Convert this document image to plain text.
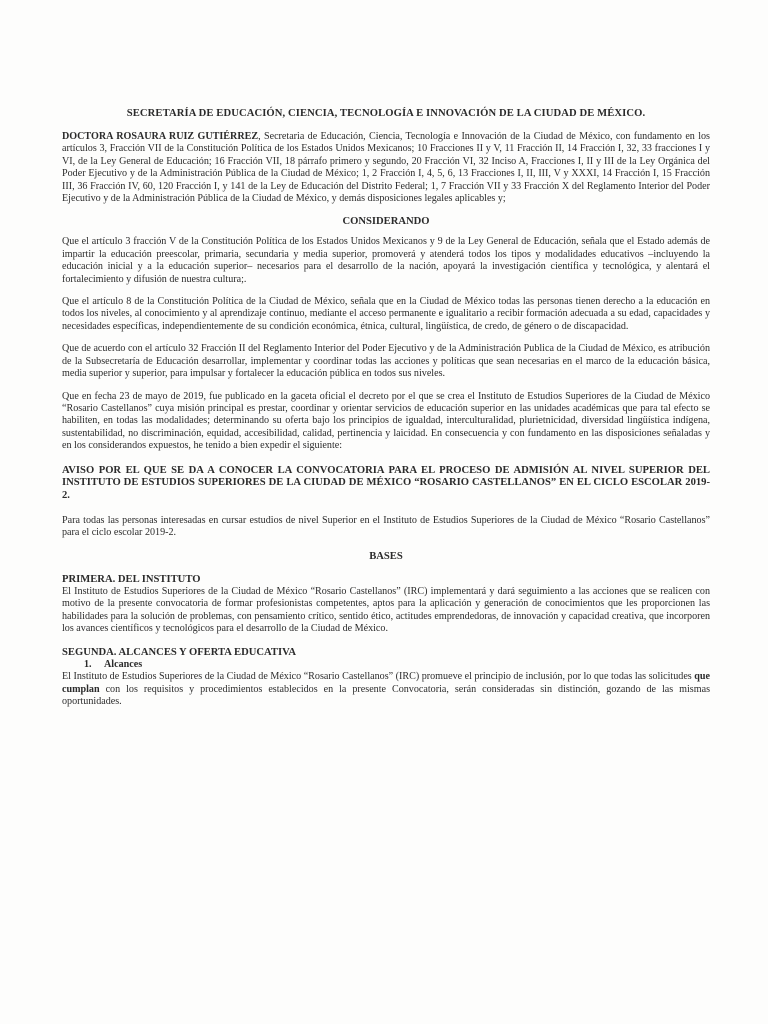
SECRETARÍA DE EDUCACIÓN, CIENCIA, TECNOLOGÍA E INNOVACIÓN DE LA CIUDAD DE MÉXICO.

DOCTORA ROSAURA RUIZ GUTIÉRREZ, Secretaria de Educación, Ciencia, Tecnología e Innovación de la Ciudad de México, con fundamento en los artículos 3, Fracción VII de la Constitución Política de los Estados Unidos Mexicanos; 10 Fracciones II y V, 11 Fracción II, 14 Fracción I, 32, 33 fracciones I y VI, de la Ley General de Educación; 16 Fracción VII, 18 párrafo primero y segundo, 20 Fracción VI, 32 Inciso A, Fracciones I, II y III de la Ley Orgánica del Poder Ejecutivo y de la Administración Pública de la Ciudad de México; 1, 2 Fracción I, 4, 5, 6, 13 Fracciones I, II, III, V y XXXI, 14 Fracción I, 15 Fracción III, 36 Fracción IV, 60, 120 Fracción I, y 141 de la Ley de Educación del Distrito Federal; 1, 7 Fracción VII y 33 Fracción X del Reglamento Interior del Poder Ejecutivo y de la Administración Pública de la Ciudad de México, y demás disposiciones legales aplicables y;

CONSIDERANDO

Que el artículo 3 fracción V de la Constitución Política de los Estados Unidos Mexicanos y 9 de la Ley General de Educación, señala que el Estado además de impartir la educación preescolar, primaria, secundaria y media superior, promoverá y atenderá todos los tipos y modalidades educativos –incluyendo la educación inicial y a la educación superior– necesarios para el desarrollo de la nación, apoyará la investigación científica y tecnológica, y alentará el fortalecimiento y difusión de nuestra cultura;.

Que el artículo 8 de la Constitución Política de la Ciudad de México, señala que en la Ciudad de México todas las personas tienen derecho a la educación en todos los niveles, al conocimiento y al aprendizaje continuo, mediante el acceso permanente e igualitario a recibir formación adecuada a su edad, capacidades y necesidades específicas, independientemente de su condición económica, étnica, cultural, lingüística, de credo, de género o de discapacidad.

Que de acuerdo con el artículo 32 Fracción II del Reglamento Interior del Poder Ejecutivo y de la Administración Publica de la Ciudad de México, es atribución de la Subsecretaría de Educación desarrollar, implementar y coordinar todas las acciones y políticas que sean necesarias en el marco de la educación básica, media superior y superior, para impulsar y fortalecer la educación pública en todos sus niveles.

Que en fecha 23 de mayo de 2019, fue publicado en la gaceta oficial el decreto por el que se crea el Instituto de Estudios Superiores de la Ciudad de México “Rosario Castellanos” cuya misión principal es prestar, coordinar y orientar servicios de educación superior en las unidades académicas que para tal efecto se habiliten, en todas las modalidades; determinando su oferta bajo los principios de igualdad, interculturalidad, plurietnicidad, diversidad lingüística indígena, sustentabilidad, no discriminación, equidad, accesibilidad, calidad, pertinencia y laicidad. En consecuencia y con fundamento en las disposiciones señaladas y en los considerandos expuestos, he tenido a bien expedir el siguiente:

AVISO POR EL QUE SE DA A CONOCER LA CONVOCATORIA PARA EL PROCESO DE ADMISIÓN AL NIVEL SUPERIOR DEL INSTITUTO DE ESTUDIOS SUPERIORES DE LA CIUDAD DE MÉXICO “ROSARIO CASTELLANOS” EN EL CICLO ESCOLAR 2019-2.

Para todas las personas interesadas en cursar estudios de nivel Superior en el Instituto de Estudios Superiores de la Ciudad de México “Rosario Castellanos” para el ciclo escolar 2019-2.

BASES

PRIMERA. DEL INSTITUTO

El Instituto de Estudios Superiores de la Ciudad de México “Rosario Castellanos” (IRC) implementará y dará seguimiento a las acciones que se realicen con motivo de la presente convocatoria de formar profesionistas competentes, aptos para la aplicación y generación de conocimientos que les proporcionen las habilidades para la solución de problemas, con pensamiento crítico, sentido ético, actitudes emprendedoras, de innovación y capacidad creativa, que incorporen los avances científicos y tecnológicos para el desarrollo de la Ciudad de México.

SEGUNDA. ALCANCES Y OFERTA EDUCATIVA

1. Alcances

El Instituto de Estudios Superiores de la Ciudad de México “Rosario Castellanos” (IRC) promueve el principio de inclusión, por lo que todas las solicitudes que cumplan con los requisitos y procedimientos establecidos en la presente Convocatoria, serán consideradas sin distinción, gozando de las mismas oportunidades.
